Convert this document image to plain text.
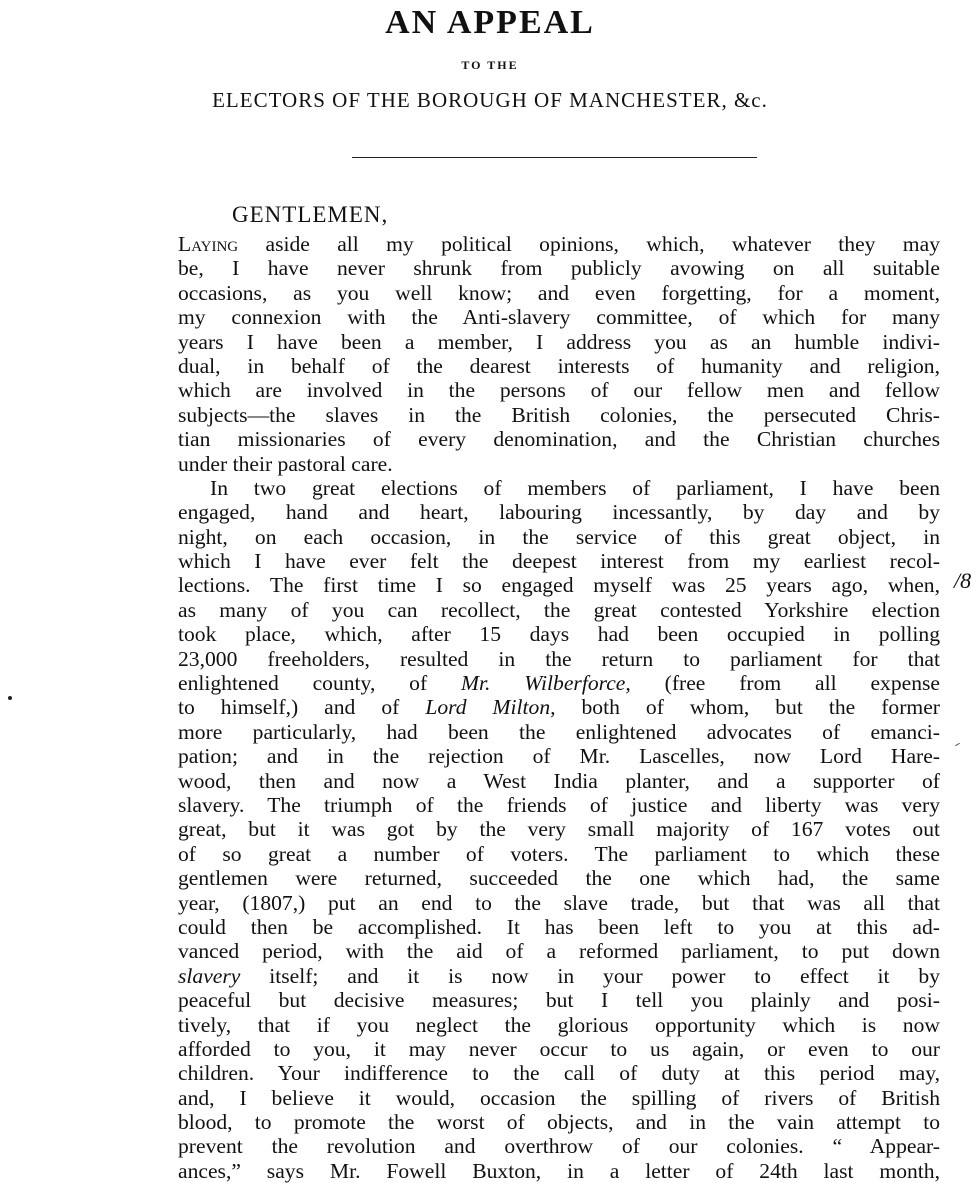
AN APPEAL
TO THE
ELECTORS OF THE BOROUGH OF MANCHESTER, &c.
GENTLEMEN,
Laying aside all my political opinions, which, whatever they may
be, I have never shrunk from publicly avowing on all suitable
occasions, as you well know; and even forgetting, for a moment,
my connexion with the Anti-slavery committee, of which for many
years I have been a member, I address you as an humble indivi-
dual, in behalf of the dearest interests of humanity and religion,
which are involved in the persons of our fellow men and fellow
subjects—the slaves in the British colonies, the persecuted Chris-
tian missionaries of every denomination, and the Christian churches
under their pastoral care.
In two great elections of members of parliament, I have been
engaged, hand and heart, labouring incessantly, by day and by
night, on each occasion, in the service of this great object, in
which I have ever felt the deepest interest from my earliest recol-
lections. The first time I so engaged myself was 25 years ago, when,
as many of you can recollect, the great contested Yorkshire election
took place, which, after 15 days had been occupied in polling
23,000 freeholders, resulted in the return to parliament for that
enlightened county, of Mr. Wilberforce, (free from all expense
to himself,) and of Lord Milton, both of whom, but the former
more particularly, had been the enlightened advocates of emanci-
pation; and in the rejection of Mr. Lascelles, now Lord Hare-
wood, then and now a West India planter, and a supporter of
slavery. The triumph of the friends of justice and liberty was very
great, but it was got by the very small majority of 167 votes out
of so great a number of voters. The parliament to which these
gentlemen were returned, succeeded the one which had, the same
year, (1807,) put an end to the slave trade, but that was all that
could then be accomplished. It has been left to you at this ad-
vanced period, with the aid of a reformed parliament, to put down
slavery itself; and it is now in your power to effect it by
peaceful but decisive measures; but I tell you plainly and posi-
tively, that if you neglect the glorious opportunity which is now
afforded to you, it may never occur to us again, or even to our
children. Your indifference to the call of duty at this period may,
and, I believe it would, occasion the spilling of rivers of British
blood, to promote the worst of objects, and in the vain attempt to
prevent the revolution and overthrow of our colonies. “ Appear-
ances,” says Mr. Fowell Buxton, in a letter of 24th last month,
/8
